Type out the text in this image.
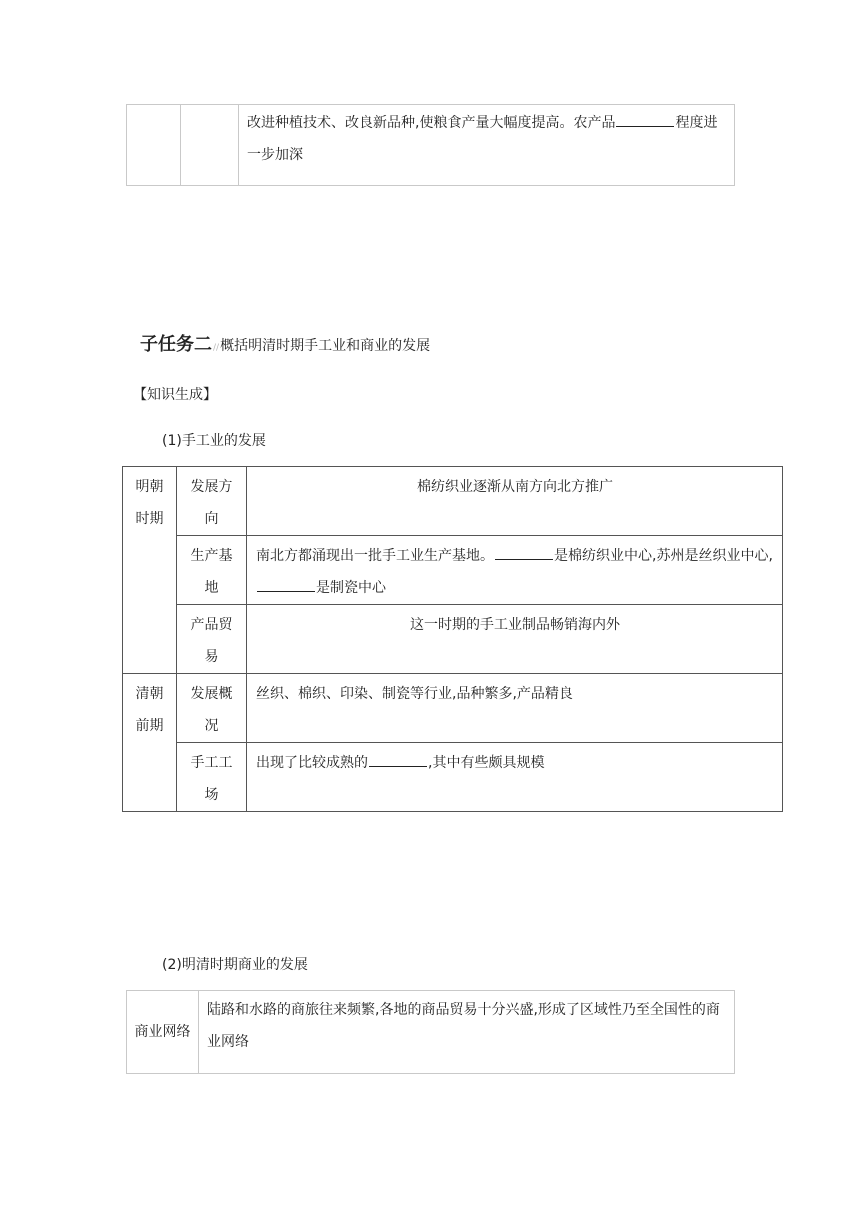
		改进种植技术、改良新品种,使粮食产量大幅度提高。农产品	程度进一步加深
子任务二//概括明清时期手工业和商业的发展
【知识生成】
(1)手工业的发展
明朝时期	发展方向	棉纺织业逐渐从南方向北方推广

	生产基地	南北方都涌现出一批手工业生产基地。 是棉纺织业中心,苏州是丝织业中心,是制瓷中心

	产品贸易	这一时期的手工业制品畅销海内外

清朝前期	发展概况	丝织、棉织、印染、制瓷等行业,品种繁多,产品精良

	手工工场	出现了比较成熟的 ,其中有些颇具规模
(2)明清时期商业的发展
商业网络	陆路和水路的商旅往来频繁,各地的商品贸易十分兴盛,形成了区域性乃至全国性的商业网络
